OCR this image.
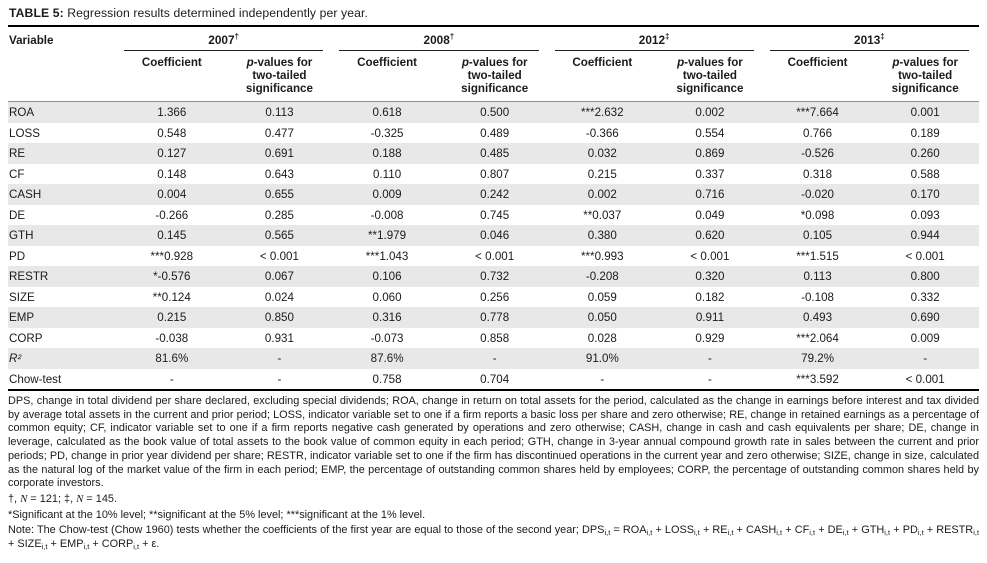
TABLE 5: Regression results determined independently per year.
Variable	2007†		2008†		2012‡		2013‡

	Coefficient	p-values for two-tailed significance	Coefficient	p-values for two-tailed significance	Coefficient	p-values for two-tailed significance	Coefficient	p-values for two-tailed significance
ROA	1.366	0.113	0.618	0.500	***2.632	0.002	***7.664	0.001
LOSS	0.548	0.477	-0.325	0.489	-0.366	0.554	0.766	0.189
RE	0.127	0.691	0.188	0.485	0.032	0.869	-0.526	0.260
CF	0.148	0.643	0.110	0.807	0.215	0.337	0.318	0.588
CASH	0.004	0.655	0.009	0.242	0.002	0.716	-0.020	0.170
DE	-0.266	0.285	-0.008	0.745	**0.037	0.049	*0.098	0.093
GTH	0.145	0.565	**1.979	0.046	0.380	0.620	0.105	0.944
PD	***0.928	< 0.001	***1.043	< 0.001	***0.993	< 0.001	***1.515	< 0.001
RESTR	*-0.576	0.067	0.106	0.732	-0.208	0.320	0.113	0.800
SIZE	**0.124	0.024	0.060	0.256	0.059	0.182	-0.108	0.332
EMP	0.215	0.850	0.316	0.778	0.050	0.911	0.493	0.690
CORP	-0.038	0.931	-0.073	0.858	0.028	0.929	***2.064	0.009
R²	81.6%	-	87.6%	-	91.0%	-	79.2%	-
Chow-test	-	-	0.758	0.704	-	-	***3.592	< 0.001

DPS, change in total dividend per share declared, excluding special dividends; ROA, change in return on total assets for the period, calculated as the change in earnings before interest and tax divided by average total assets in the current and prior period; LOSS, indicator variable set to one if a firm reports a basic loss per share and zero otherwise; RE, change in retained earnings as a percentage of common equity; CF, indicator variable set to one if a firm reports negative cash generated by operations and zero otherwise; CASH, change in cash and cash equivalents per share; DE, change in leverage, calculated as the book value of total assets to the book value of common equity in each period; GTH, change in 3-year annual compound growth rate in sales between the current and prior periods; PD, change in prior year dividend per share; RESTR, indicator variable set to one if the firm has discontinued operations in the current year and zero otherwise; SIZE, change in size, calculated as the natural log of the market value of the firm in each period; EMP, the percentage of outstanding common shares held by employees; CORP, the percentage of outstanding common shares held by corporate investors.

†, N = 121; ‡, N = 145.

*Significant at the 10% level; **significant at the 5% level; ***significant at the 1% level.

Note: The Chow-test (Chow 1960) tests whether the coefficients of the first year are equal to those of the second year; $DPS_{i,t} = ROA_{i,t}$ + $LOSS_{i,t} + RE_{i,t}$ + $CASH_{i,t} + CF_{i,t} + DE_{i,t} + GTH_{i,t} + PD_{i,t}$ + $RESTR_{i,t}$ + $SIZE_{i,t} + EMP_{i,t}$ + $CORP_{i,t} + \varepsilon$.
